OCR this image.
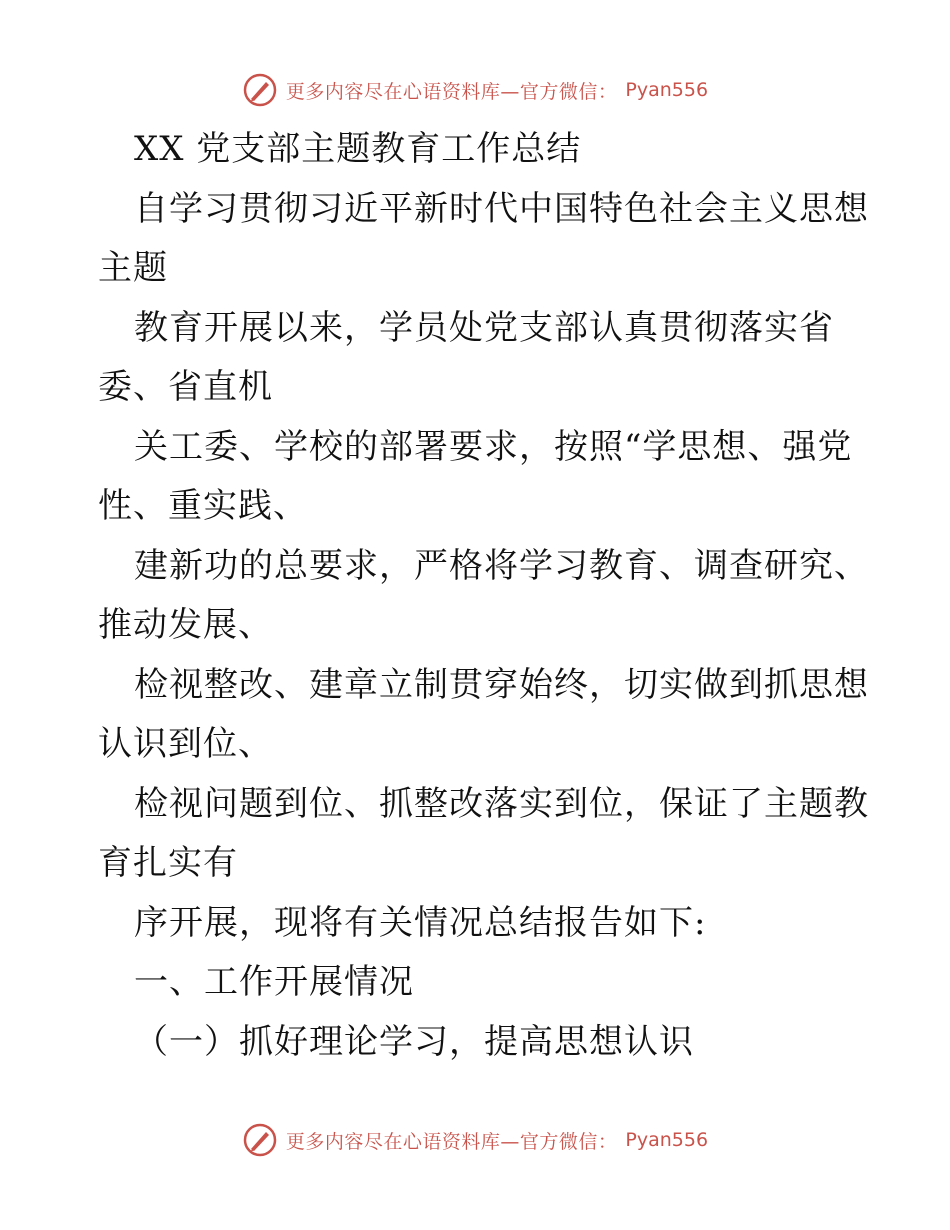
更多内容尽在心语资料库—官方微信： Pyan556
XX 党支部主题教育工作总结
自学习贯彻习近平新时代中国特色社会主义思想
主题
教育开展以来，学员处党支部认真贯彻落实省
委、省直机
关工委、学校的部署要求，按照“学思想、强党
性、重实践、
建新功的总要求，严格将学习教育、调查研究、
推动发展、
检视整改、建章立制贯穿始终，切实做到抓思想
认识到位、
检视问题到位、抓整改落实到位，保证了主题教
育扎实有
序开展，现将有关情况总结报告如下:
一、工作开展情况
（一）抓好理论学习，提高思想认识
更多内容尽在心语资料库—官方微信： Pyan556
